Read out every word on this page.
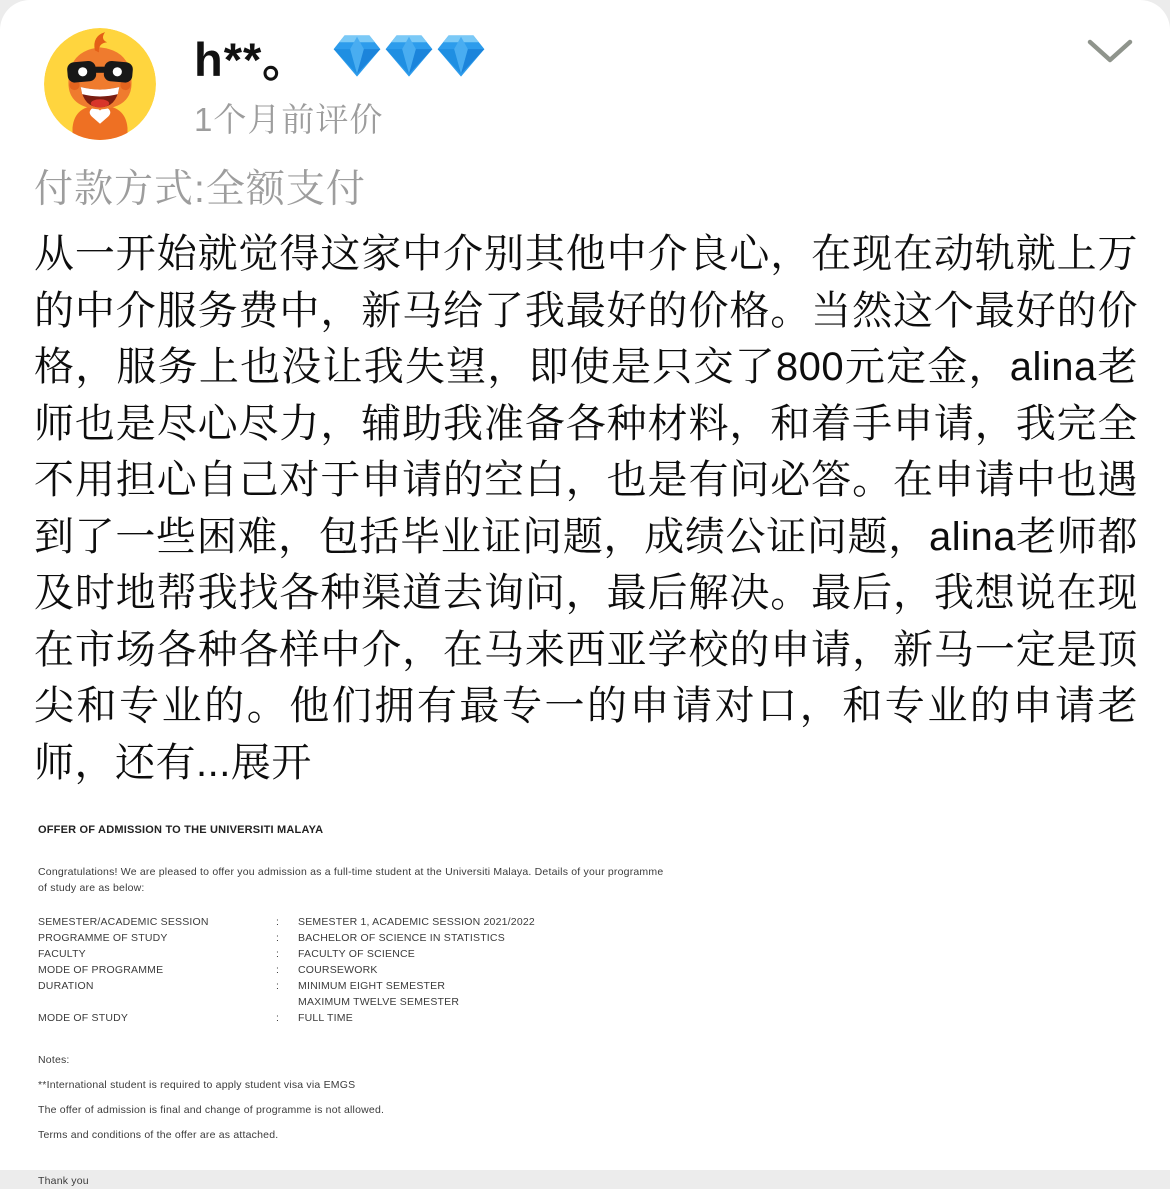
h**。
1个月前评价
付款方式:全额支付
从一开始就觉得这家中介别其他中介良心，在现在动轨就上万的中介服务费中，新马给了我最好的价格。当然这个最好的价格，服务上也没让我失望，即使是只交了800元定金，alina老师也是尽心尽力，辅助我准备各种材料，和着手申请，我完全不用担心自己对于申请的空白，也是有问必答。在申请中也遇到了一些困难，包括毕业证问题，成绩公证问题，alina老师都及时地帮我找各种渠道去询问，最后解决。最后，我想说在现在市场各种各样中介，在马来西亚学校的申请，新马一定是顶尖和专业的。他们拥有最专一的申请对口，和专业的申请老师，还有...展开
OFFER OF ADMISSION TO THE UNIVERSITI MALAYA
Congratulations! We are pleased to offer you admission as a full-time student at the Universiti Malaya. Details of your programme of study are as below:
SEMESTER/ACADEMIC SESSION	:	SEMESTER 1, ACADEMIC SESSION 2021/2022
PROGRAMME OF STUDY	:	BACHELOR OF SCIENCE IN STATISTICS
FACULTY	:	FACULTY OF SCIENCE
MODE OF PROGRAMME	:	COURSEWORK
DURATION	:	MINIMUM EIGHT SEMESTER
MAXIMUM TWELVE SEMESTER
MODE OF STUDY	:	FULL TIME
Notes:
**International student is required to apply student visa via EMGS
The offer of admission is final and change of programme is not allowed.
Terms and conditions of the offer are as attached.
Thank you
